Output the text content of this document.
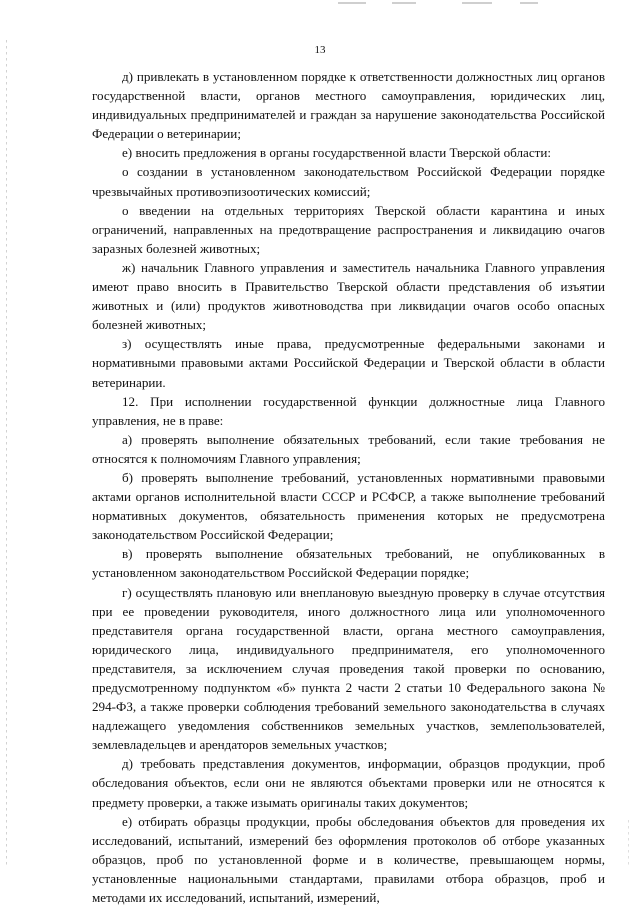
13

д) привлекать в установленном порядке к ответственности должностных лиц органов государственной власти, органов местного самоуправления, юридических лиц, индивидуальных предпринимателей и граждан за нарушение законодательства Российской Федерации о ветеринарии;

е) вносить предложения в органы государственной власти Тверской области:

о создании в установленном законодательством Российской Федерации порядке чрезвычайных противоэпизоотических комиссий;

о введении на отдельных территориях Тверской области карантина и иных ограничений, направленных на предотвращение распространения и ликвидацию очагов заразных болезней животных;

ж) начальник Главного управления и заместитель начальника Главного управления имеют право вносить в Правительство Тверской области представления об изъятии животных и (или) продуктов животноводства при ликвидации очагов особо опасных болезней животных;

з) осуществлять иные права, предусмотренные федеральными законами и нормативными правовыми актами Российской Федерации и Тверской области в области ветеринарии.

12. При исполнении государственной функции должностные лица Главного управления, не в праве:

а) проверять выполнение обязательных требований, если такие требования не относятся к полномочиям Главного управления;

б) проверять выполнение требований, установленных нормативными правовыми актами органов исполнительной власти СССР и РСФСР, а также выполнение требований нормативных документов, обязательность применения которых не предусмотрена законодательством Российской Федерации;

в) проверять выполнение обязательных требований, не опубликованных в установленном законодательством Российской Федерации порядке;

г) осуществлять плановую или внеплановую выездную проверку в случае отсутствия при ее проведении руководителя, иного должностного лица или уполномоченного представителя органа государственной власти, органа местного самоуправления, юридического лица, индивидуального предпринимателя, его уполномоченного представителя, за исключением случая проведения такой проверки по основанию, предусмотренному подпунктом «б» пункта 2 части 2 статьи 10 Федерального закона № 294-ФЗ, а также проверки соблюдения требований земельного законодательства в случаях надлежащего уведомления собственников земельных участков, землепользователей, землевладельцев и арендаторов земельных участков;

д) требовать представления документов, информации, образцов продукции, проб обследования объектов, если они не являются объектами проверки или не относятся к предмету проверки, а также изымать оригиналы таких документов;

е) отбирать образцы продукции, пробы обследования объектов для проведения их исследований, испытаний, измерений без оформления протоколов об отборе указанных образцов, проб по установленной форме и в количестве, превышающем нормы, установленные национальными стандартами, правилами отбора образцов, проб и методами их исследований, испытаний, измерений,
